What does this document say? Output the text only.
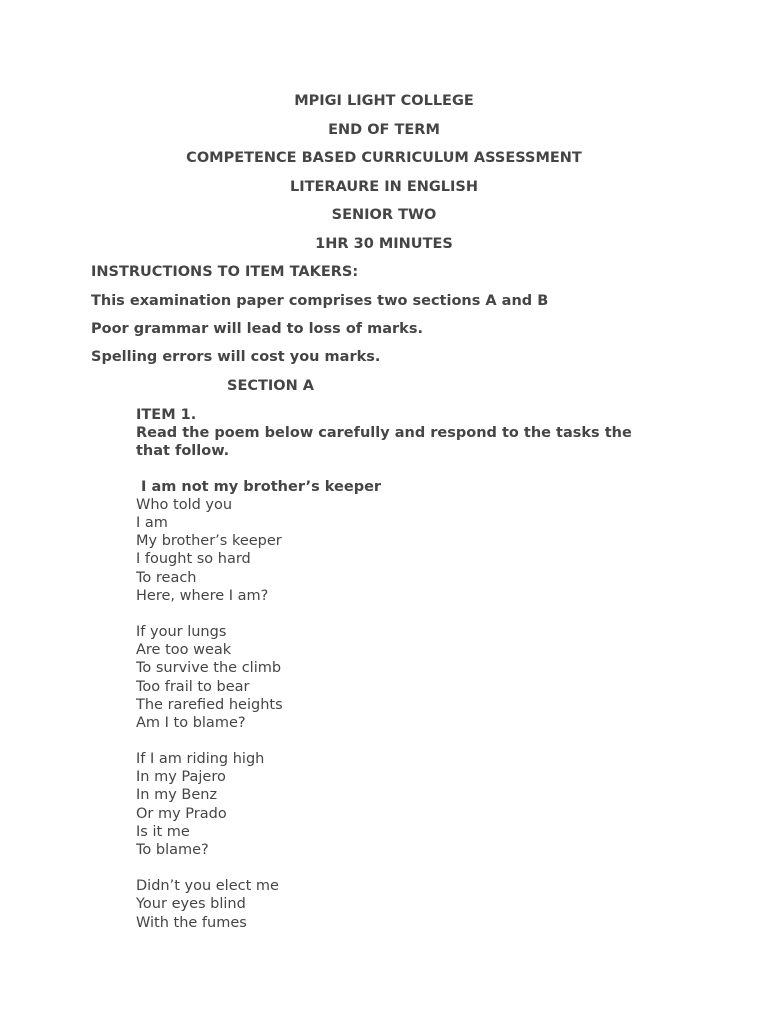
MPIGI LIGHT COLLEGE
END OF TERM
COMPETENCE BASED CURRICULUM ASSESSMENT
LITERAURE IN ENGLISH
SENIOR TWO
1HR 30 MINUTES
INSTRUCTIONS TO ITEM TAKERS:
This examination paper comprises two sections A and B
Poor grammar will lead to loss of marks.
Spelling errors will cost you marks.
SECTION A
ITEM 1.
Read the poem below carefully and respond to the tasks the
that follow.
I am not my brother’s keeper
Who told you
I am
My brother’s keeper
I fought so hard
To reach
Here, where I am?
If your lungs
Are too weak
To survive the climb
Too frail to bear
The rarefied heights
Am I to blame?
If I am riding high
In my Pajero
In my Benz
Or my Prado
Is it me
To blame?
Didn’t you elect me
Your eyes blind
With the fumes
